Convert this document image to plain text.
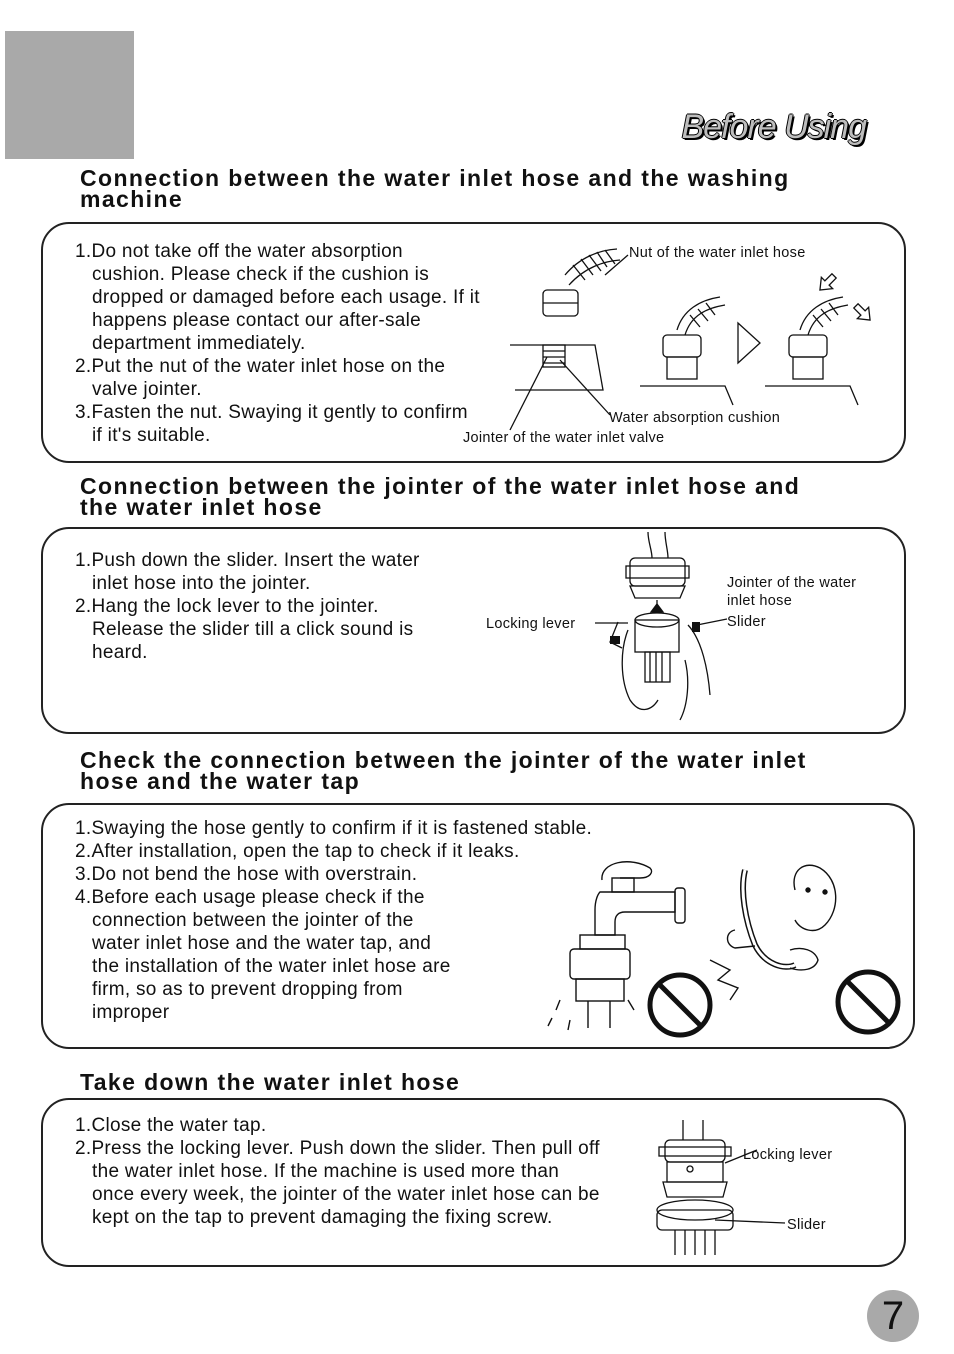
Before Using
Connection between the water inlet hose and the washing machine
1.Do not take off the water absorption cushion. Please check if the cushion is dropped or damaged before each usage. If it happens please contact our after-sale department immediately.
2.Put the nut of the water inlet hose on the valve jointer.
3.Fasten the nut. Swaying it gently to confirm if it's suitable.
Nut of the water inlet hose
Water absorption cushion
Jointer of the water inlet valve
Connection between the jointer of the water inlet hose and the water inlet hose
1.Push down the slider. Insert the water inlet hose into the jointer.
2.Hang the lock lever to the jointer. Release the slider till a click sound is heard.
Jointer of the water inlet hose
Slider
Locking lever
Check the connection between the jointer of the water inlet hose and the water tap
1.Swaying the hose gently to confirm if it is fastened stable.
2.After installation, open the tap to check if it leaks.
3.Do not bend the hose with overstrain.
4.Before each usage please check if the connection between the jointer of the water inlet hose and the water tap, and the installation of the water inlet hose are firm, so as to prevent dropping from improper
Take down the water inlet hose
1.Close the water tap.
2.Press the locking lever. Push down the slider. Then pull off the water inlet hose. If the machine is used more than once every week, the jointer of the water inlet hose can be kept on the tap to prevent damaging the fixing screw.
Locking lever
Slider
7
